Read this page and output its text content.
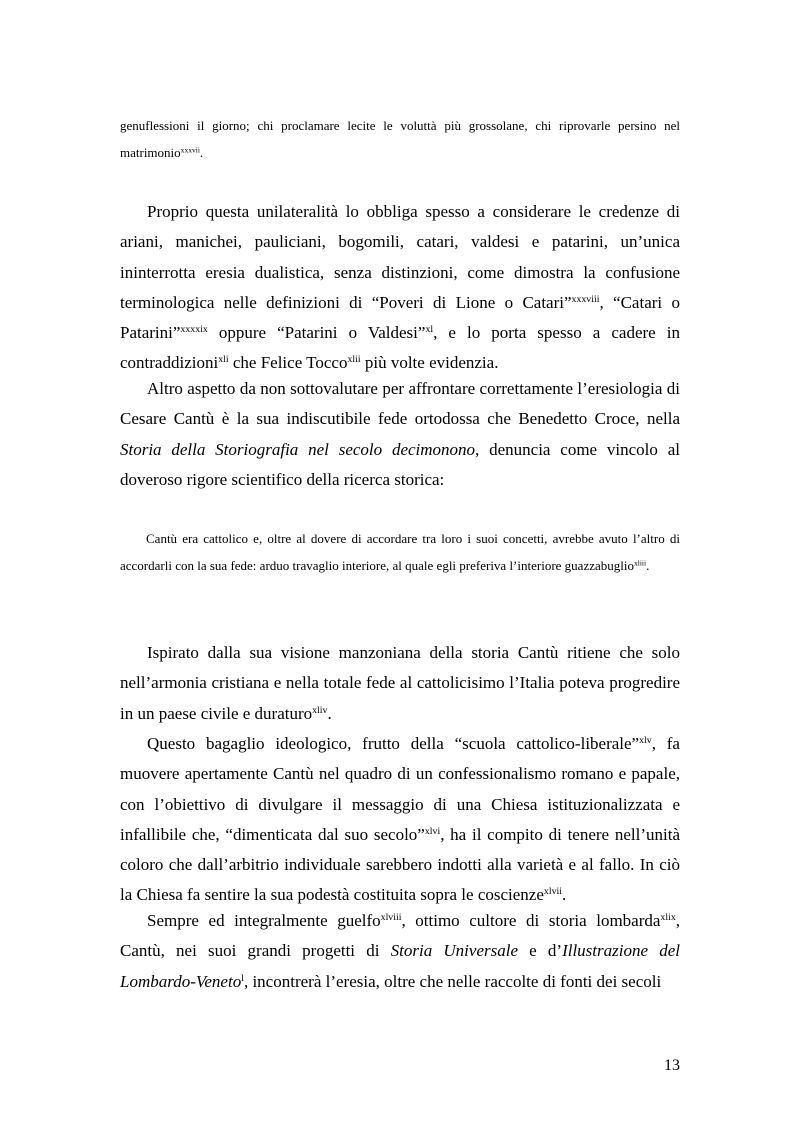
genuflessioni il giorno; chi proclamare lecite le voluttà più grossolane, chi riprovarle persino nel matrimonio$^{xxxvii}$.

Proprio questa unilateralità lo obbliga spesso a considerare le credenze di ariani, manichei, pauliciani, bogomili, catari, valdesi e patarini, un’unica ininterrotta eresia dualistica, senza distinzioni, come dimostra la confusione terminologica nelle definizioni di “Poveri di Lione o Catari”$^{xxxviii}$, “Catari o Patarini”$^{xxxxix}$ oppure “Patarini o Valdesi”$^{xl}$, e lo porta spesso a cadere in contraddizioni$^{xli}$ che Felice Tocco$^{xlii}$ più volte evidenzia.

Altro aspetto da non sottovalutare per affrontare correttamente l’eresiologia di Cesare Cantù è la sua indiscutibile fede ortodossa che Benedetto Croce, nella Storia della Storiografia nel secolo decimonono, denuncia come vincolo al doveroso rigore scientifico della ricerca storica:

Cantù era cattolico e, oltre al dovere di accordare tra loro i suoi concetti, avrebbe avuto l’altro di accordarli con la sua fede: arduo travaglio interiore, al quale egli preferiva l’interiore guazzabuglio$^{xliii}$.

Ispirato dalla sua visione manzoniana della storia Cantù ritiene che solo nell’armonia cristiana e nella totale fede al cattolicisimo l’Italia poteva progredire in un paese civile e duraturo$^{xliv}$.

Questo bagaglio ideologico, frutto della “scuola cattolico-liberale”$^{xlv}$, fa muovere apertamente Cantù nel quadro di un confessionalismo romano e papale, con l’obiettivo di divulgare il messaggio di una Chiesa istituzionalizzata e infallibile che, “dimenticata dal suo secolo”$^{xlvi}$, ha il compito di tenere nell’unità coloro che dall’arbitrio individuale sarebbero indotti alla varietà e al fallo. In ciò la Chiesa fa sentire la sua podestà costituita sopra le coscienze$^{xlvii}$.

Sempre ed integralmente guelfo$^{xlviii}$, ottimo cultore di storia lombarda$^{xlix}$, Cantù, nei suoi grandi progetti di Storia Universale e d’Illustrazione del Lombardo-Veneto$^l$, incontrerà l’eresia, oltre che nelle raccolte di fonti dei secoli

13
